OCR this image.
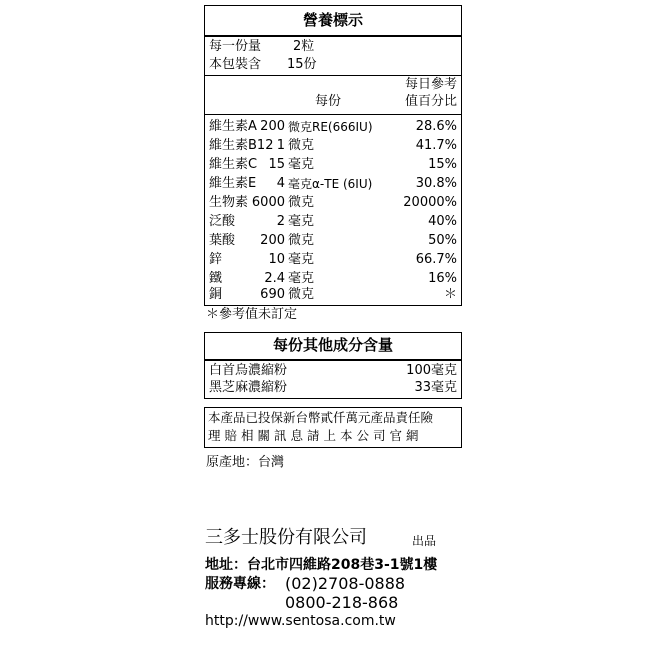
營養標示
每一份量 2粒
本包裝含 15份
每日參考
每份	值百分比
維生素A 200 微克RE(666IU)	28.6%
維生素B12 1 微克	41.7%
維生素C 15 毫克	15%
維生素E 4 毫克α-TE (6IU)	30.8%
生物素 6000 微克	20000%
泛酸	2 毫克	40%
葉酸 200 微克	50%
鋅	10 毫克	66.7%
鐵	2.4 毫克	16%
銅	690 微克	＊
＊參考值未訂定
每份其他成分含量
白首烏濃縮粉	100毫克
黑芝麻濃縮粉	33毫克
本產品已投保新台幣貳仟萬元產品責任險
理賠相關訊息請上本公司官網
原產地：台灣
三多士股份有限公司	出品
地址：台北市四維路208巷3-1號1樓
服務專線： (02)2708-0888
0800-218-868
http://www.sentosa.com.tw
